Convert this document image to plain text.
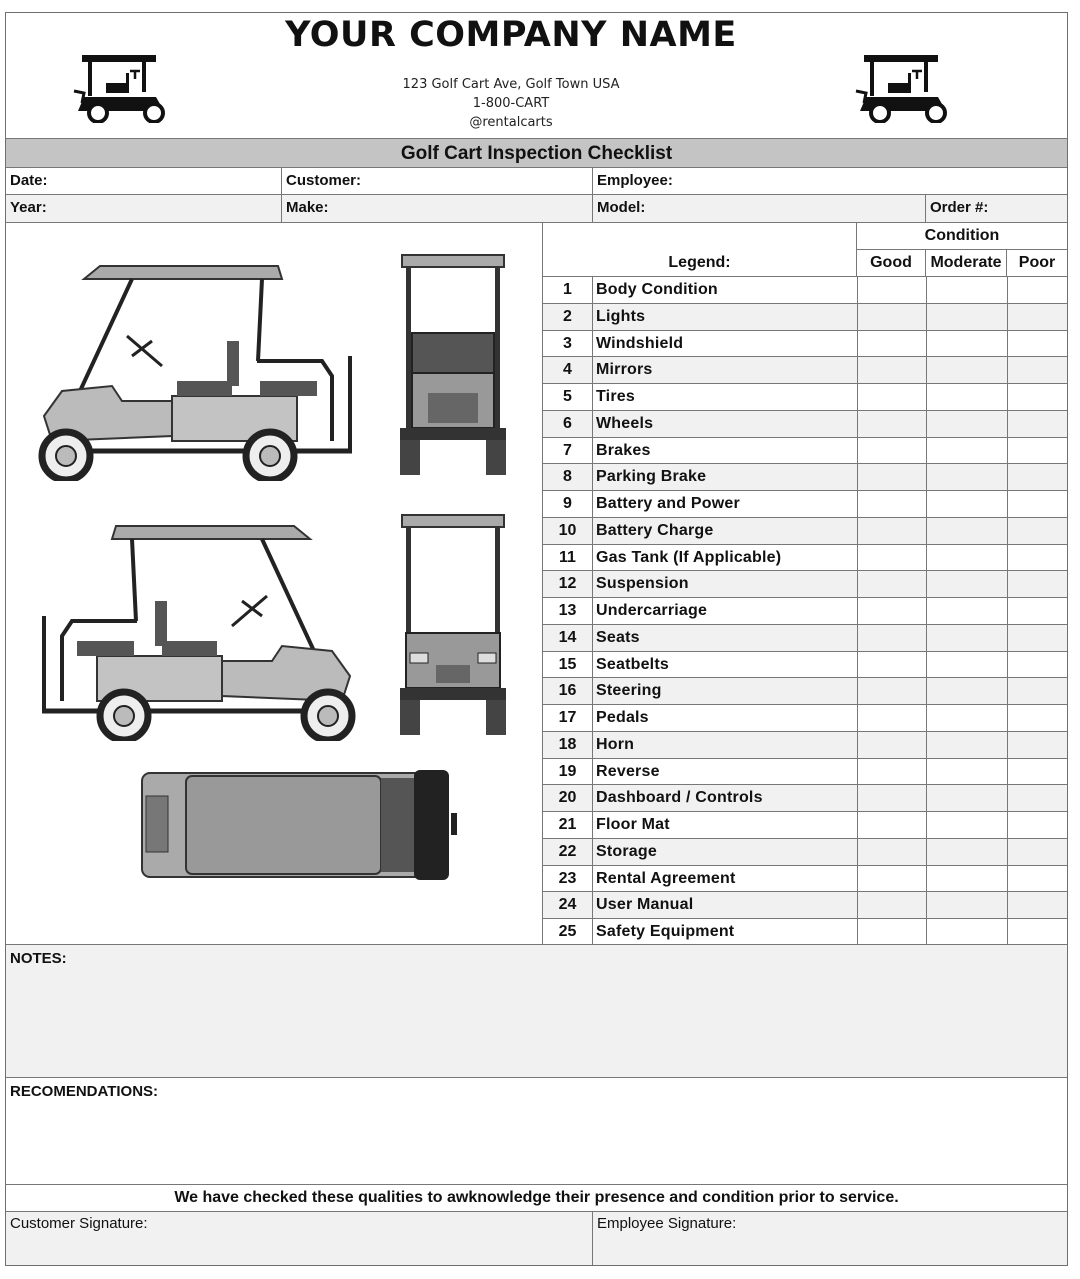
YOUR COMPANY NAME
123 Golf Cart Ave, Golf Town USA
1-800-CART
@rentalcarts
Golf Cart Inspection Checklist
Date:	Customer:	Employee:
Year:	Make:	Model:	Order #:
Legend:
Condition
Good	Moderate	Poor
1	Body Condition
2	Lights
3	Windshield
4	Mirrors
5	Tires
6	Wheels
7	Brakes
8	Parking Brake
9	Battery and Power
10	Battery Charge
11	Gas Tank (If Applicable)
12	Suspension
13	Undercarriage
14	Seats
15	Seatbelts
16	Steering
17	Pedals
18	Horn
19	Reverse
20	Dashboard / Controls
21	Floor Mat
22	Storage
23	Rental Agreement
24	User Manual
25	Safety Equipment
NOTES:
RECOMENDATIONS:
We have checked these qualities to awknowledge their presence and condition prior to service.
Customer Signature:	Employee Signature:
